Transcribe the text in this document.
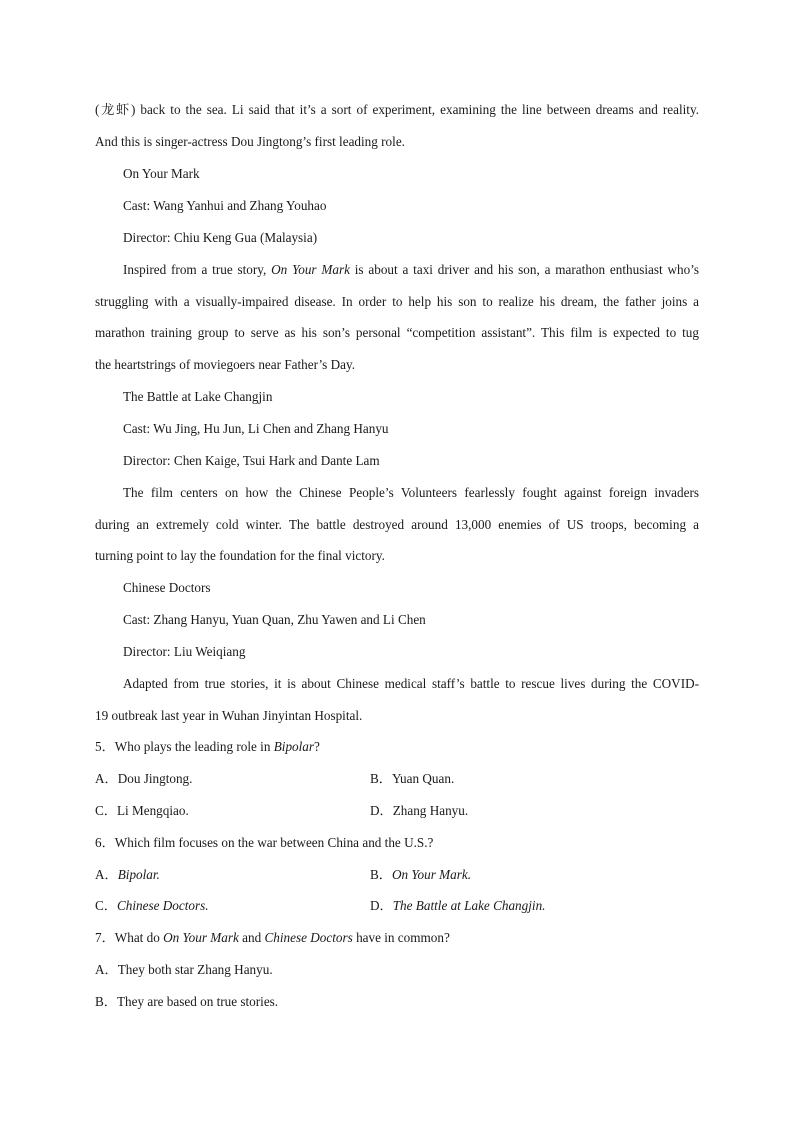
(龙虾) back to the sea. Li said that it’s a sort of experiment, examining the line between dreams and reality.
And this is singer-actress Dou Jingtong’s first leading role.
On Your Mark
Cast: Wang Yanhui and Zhang Youhao
Director: Chiu Keng Gua (Malaysia)
Inspired from a true story, On Your Mark is about a taxi driver and his son, a marathon enthusiast who’s
struggling with a visually-impaired disease. In order to help his son to realize his dream, the father joins a
marathon training group to serve as his son’s personal “competition assistant”. This film is expected to tug
the heartstrings of moviegoers near Father’s Day.
The Battle at Lake Changjin
Cast: Wu Jing, Hu Jun, Li Chen and Zhang Hanyu
Director: Chen Kaige, Tsui Hark and Dante Lam
The film centers on how the Chinese People’s Volunteers fearlessly fought against foreign invaders
during an extremely cold winter. The battle destroyed around 13,000 enemies of US troops, becoming a
turning point to lay the foundation for the final victory.
Chinese Doctors
Cast: Zhang Hanyu, Yuan Quan, Zhu Yawen and Li Chen
Director: Liu Weiqiang
Adapted from true stories, it is about Chinese medical staff’s battle to rescue lives during the COVID-
19 outbreak last year in Wuhan Jinyintan Hospital.
5．Who plays the leading role in Bipolar?
A．Dou Jingtong.	B．Yuan Quan.
C．Li Mengqiao.	D．Zhang Hanyu.
6．Which film focuses on the war between China and the U.S.?
A．Bipolar.	B．On Your Mark.
C．Chinese Doctors.	D．The Battle at Lake Changjin.
7．What do On Your Mark and Chinese Doctors have in common?
A．They both star Zhang Hanyu.
B．They are based on true stories.
